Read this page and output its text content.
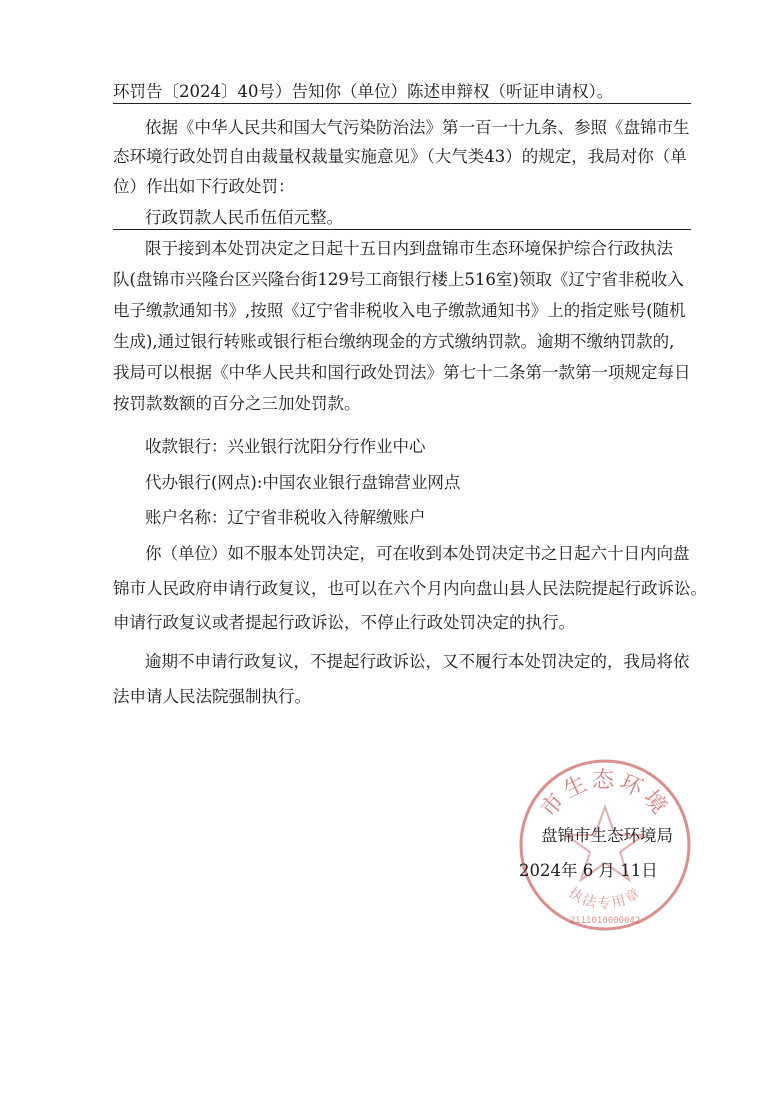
环罚告〔2024〕40号）告知你（单位）陈述申辩权（听证申请权）。
依据《中华人民共和国大气污染防治法》第一百一十九条、参照《盘锦市生
态环境行政处罚自由裁量权裁量实施意见》（大气类43）的规定，我局对你（单
位）作出如下行政处罚：
行政罚款人民币伍佰元整。
限于接到本处罚决定之日起十五日内到盘锦市生态环境保护综合行政执法
队(盘锦市兴隆台区兴隆台街129号工商银行楼上516室)领取《辽宁省非税收入
电子缴款通知书》,按照《辽宁省非税收入电子缴款通知书》上的指定账号(随机
生成),通过银行转账或银行柜台缴纳现金的方式缴纳罚款。逾期不缴纳罚款的,
我局可以根据《中华人民共和国行政处罚法》第七十二条第一款第一项规定每日
按罚款数额的百分之三加处罚款。
收款银行：兴业银行沈阳分行作业中心
代办银行(网点):中国农业银行盘锦营业网点
账户名称：辽宁省非税收入待解缴账户
你（单位）如不服本处罚决定，可在收到本处罚决定书之日起六十日内向盘
锦市人民政府申请行政复议，也可以在六个月内向盘山县人民法院提起行政诉讼。
申请行政复议或者提起行政诉讼，不停止行政处罚决定的执行。
逾期不申请行政复议，不提起行政诉讼，又不履行本处罚决定的，我局将依
法申请人民法院强制执行。
市生态环境
执法专用章
2111010000042
盘锦市生态环境局
2024年 6 月 11日
